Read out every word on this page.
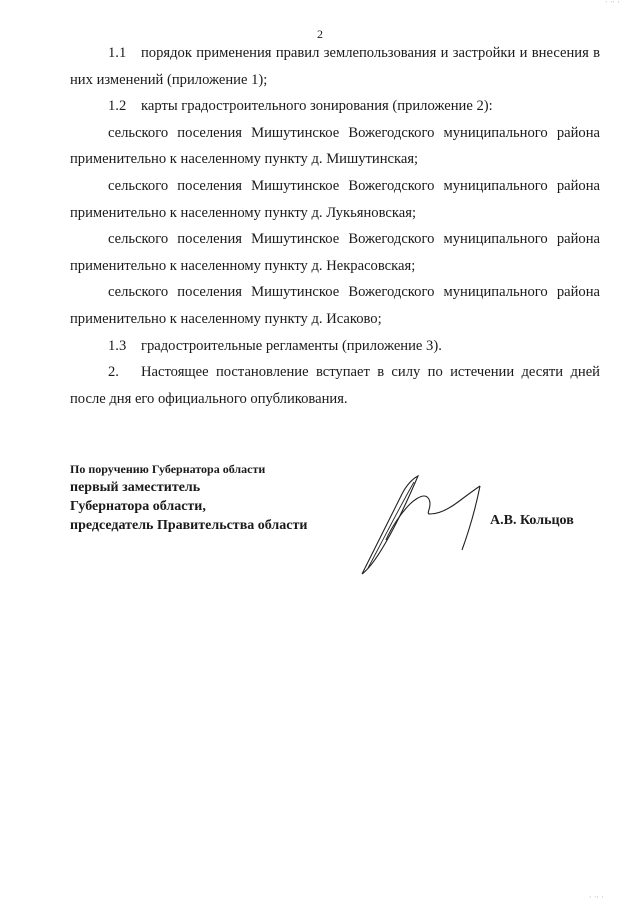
' '' '
2

1.1 порядок применения правил землепользования и застройки и внесения в них изменений (приложение 1);

1.2 карты градостроительного зонирования (приложение 2):

сельского поселения Мишутинское Вожегодского муниципального района применительно к населенному пункту д. Мишутинская;

сельского поселения Мишутинское Вожегодского муниципального района применительно к населенному пункту д. Лукьяновская;

сельского поселения Мишутинское Вожегодского муниципального района применительно к населенному пункту д. Некрасовская;

сельского поселения Мишутинское Вожегодского муниципального района применительно к населенному пункту д. Исаково;

1.3 градостроительные регламенты (приложение 3).

2. Настоящее постановление вступает в силу по истечении десяти дней после дня его официального опубликования.

По поручению Губернатора области
первый заместитель
Губернатора области,
председатель Правительства области	А.В. Кольцов
' '' '
